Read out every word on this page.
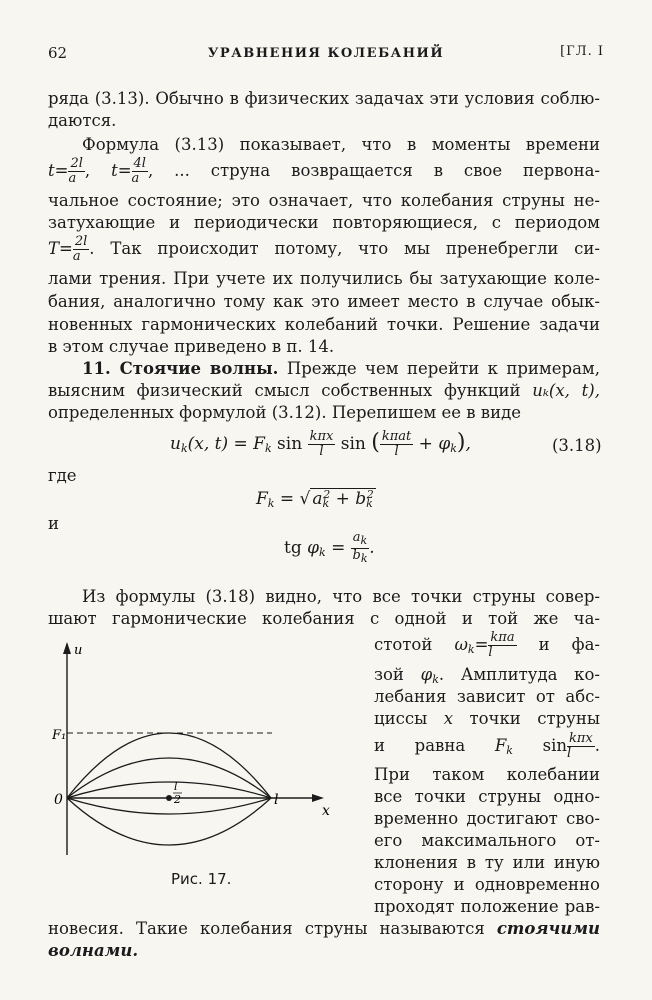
62	УРАВНЕНИЯ КОЛЕБАНИЙ	[ГЛ. I
ряда (3.13). Обычно в физических задачах эти условия соблю-
даются.
Формула (3.13) показывает, что в моменты времени
$t= \frac{2l}{a}$ , $t= \frac{4l}{a}$ , ... струна возвращается в свое первона-
чальное состояние; это означает, что колебания струны не-
затухающие и периодически повторяющиеся, с периодом
$T= \frac{2l}{a}$ . Так происходит потому, что мы пренебрегли си-
лами трения. При учете их получились бы затухающие коле-
бания, аналогично тому как это имеет место в случае обык-
новенных гармонических колебаний точки. Решение задачи
в этом случае приведено в п. 14.
11. Стоячие волны. Прежде чем перейти к примерам,
выясним физический смысл собственных функций uₖ(x, t),
определенных формулой (3.12). Перепишем ее в виде
$u_k(x$, $t) = F_k$ sin kπx
l	sin ( kπat
$l + \varphi_k$),	(3.18)
где
$F_k$ = √ $a_k^2 + b_k^2$
и
tg $\varphi_k = \frac{a_k}{b_k}$ .
Из формулы (3.18) видно, что все точки струны совер-
шают гармонические колебания с одной и той же ча-
стотой $\omega_k= k\pi a$
l	и фа-
зой $\varphi_k$. Амплитуда ко-
лебания зависит от абс-
циссы x точки струны
и равна $F_k$ sin kπx
l	.
При таком колебании
все точки струны одно-
временно достигают сво-
его максимального от-
клонения в ту или иную
сторону и одновременно
проходят положение рав-
новесия. Такие колебания струны называются стоячими
волнами.
u
x
0	l
F₁
l
2
Рис. 17.
